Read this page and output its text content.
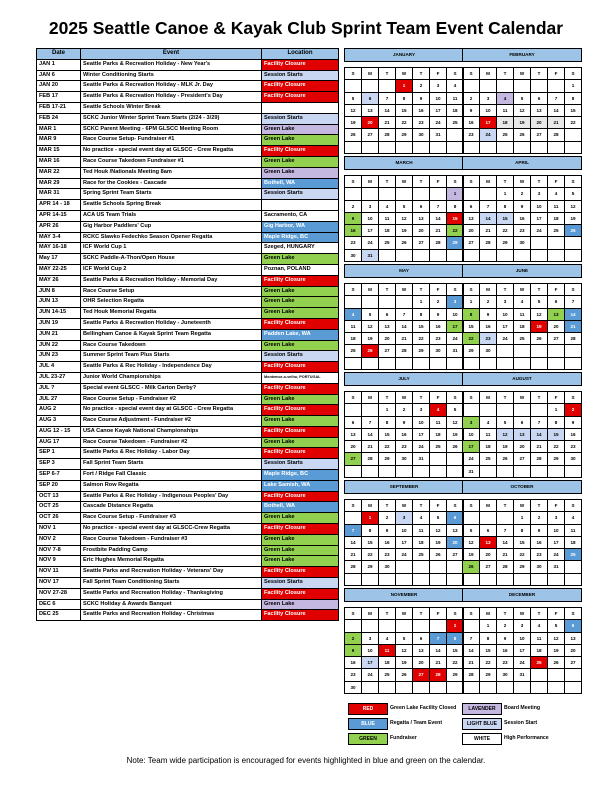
2025 Seattle Canoe & Kayak Club Sprint Team Event Calendar
Date	Event	Location
JAN 1	Seattle Parks & Recreation Holiday - New Year's	Facility Closure
JAN 6	Winter Conditioning Starts	Session Starts
JAN 20	Seattle Parks & Recreation Holiday - MLK Jr. Day	Facility Closure
FEB 17	Seattle Parks & Recreation Holiday - President's Day	Facility Closure
FEB 17-21	Seattle Schools Winter Break	
FEB 24	SCKC Junior Winter Sprint Team Starts (2/24 - 3/29)	Session Starts
MAR 1	SCKC Parent Meeting - 6PM GLSCC Meeting Room	Green Lake
MAR 9	Race Course Setup- Fundraiser #1	Green Lake
MAR 15	No practice - special event day at GLSCC - Crew Regatta	Facility Closure
MAR 16	Race Course Takedown Fundraiser #1	Green Lake
MAR 22	Ted Houk /Nationals Meeting 8am	Green Lake
MAR 29	Race for the Cookies - Cascade	Bothell, WA
MAR 31	Spring Sprint Team Starts	Session Starts
APR 14 - 18	Seattle Schools Spring Break	
APR 14-15	ACA US Team Trials	Sacramento, CA
APR 26	Gig Harbor Paddlers' Cup	Gig Harbor, WA
MAY 3-4	RCKC Slawko Fedechko Season Opener Regatta	Maple Ridge, BC
MAY 16-18	ICF World Cup 1	Szeged, HUNGARY
May 17	SCKC Paddle-A-Thon/Open House	Green Lake
MAY 22-25	ICF World Cup 2	Poznan, POLAND
MAY 26	Seattle Parks & Recreation Holiday - Memorial Day	Facility Closure
JUN 8	Race Course Setup	Green Lake
JUN 13	OHR Selection Regatta	Green Lake
JUN 14-15	Ted Houk Memorial Regatta	Green Lake
JUN 19	Seattle Parks & Recreation Holiday - Juneteenth	Facility Closure
JUN 21	Bellingham Canoe & Kayak Sprint Team Regatta	Padden Lake, WA
JUN 22	Race Course Takedown	Green Lake
JUN 23	Summer Sprint Team Plus Starts	Session Starts
JUL 4	Seattle Parks & Rec Holiday - Independence Day	Facility Closure
JUL 23-27	Junior World Championships	Montemor-o-velho, PORTUGAL
JUL ?	Special event GLSCC - Milk Carton Derby?	Facility Closure
JUL 27	Race Course Setup - Fundraiser #2	Green Lake
AUG 2	No practice - special event day at GLSCC - Crew Regatta	Facility Closure
AUG 3	Race Course Adjustment - Fundraiser #2	Green Lake
AUG 12 - 15	USA Canoe Kayak National Championships	Facility Closure
AUG 17	Race Course Takedown - Fundraiser #2	Green Lake
SEP 1	Seattle Parks & Rec Holiday - Labor Day	Facility Closure
SEP 3	Fall Sprint Team Starts	Session Starts
SEP 6-7	Fort / Ridge Fall Classic	Maple Ridge, BC
SEP 20	Salmon Row Regatta	Lake Samish, WA
OCT 13	Seattle Parks & Rec Holiday - Indigenous Peoples' Day	Facility Closure
OCT 25	Cascade Distance Regatta	Bothell, WA
OCT 26	Race Course Setup - Fundraiser #3	Green Lake
NOV 1	No practice - special event day at GLSCC-Crew Regatta	Facility Closure
NOV 2	Race Course Takedown - Fundraiser #3	Green Lake
NOV 7-8	Frostbite Padding Camp	Green Lake
NOV 9	Eric Hughes Memorial Regatta	Green Lake
NOV 11	Seattle Parks and Recreation Holiday - Veterans' Day	Facility Closure
NOV 17	Fall Sprint Team Conditioning Starts	Session Starts
NOV 27-28	Seattle Parks and Recreation Holiday - Thanksgiving	Facility Closure
DEC 6	SCKC Holiday & Awards Banquet	Green Lake
DEC 25	Seattle Parks and Recreation Holiday - Christmas	Facility Closure
JANUARY						

S	M	T	W	T	F	S
			1	2	3	4
5	6	7	8	9	10	11
12	13	14	15	16	17	18
19	20	21	22	23	24	25
26	27	28	29	30	31	

FEBRUARY						

S	M	T	W	T	F	S
						1
2	3	4	5	6	7	8
9	10	11	12	13	14	15
16	17	18	19	20	21	22
23	24	25	26	27	28	

MARCH						

S	M	T	W	T	F	S
						1
2	3	4	5	6	7	8
9	10	11	12	13	14	15
16	17	18	19	20	21	22
23	24	25	26	27	28	29
30	31					
APRIL						

S	M	T	W	T	F	S
		1	2	3	4	5
6	7	8	9	10	11	12
13	14	15	16	17	18	19
20	21	22	23	24	25	26
27	28	29	30			

MAY						

S	M	T	W	T	F	S
				1	2	3
4	5	6	7	8	9	10
11	12	13	14	15	16	17
18	19	20	21	22	23	24
25	26	27	28	29	30	31

JUNE						

S	M	T	W	T	F	S
1	2	3	4	5	6	7
8	9	10	11	12	13	14
15	16	17	18	19	20	21
22	23	24	25	26	27	28
29	30					

JULY						

S	M	T	W	T	F	S
		1	2	3	4	5
6	7	8	9	10	11	12
13	14	15	16	17	18	19
20	21	22	23	24	25	26
27	28	29	30	31		

AUGUST						

S	M	T	W	T	F	S
					1	2
3	4	5	6	7	8	9
10	11	12	13	14	15	16
17	18	19	20	21	22	23
24	25	26	27	28	29	30
31						
SEPTEMBER						

S	M	T	W	T	F	S
	1	2	3	4	5	6
7	8	9	10	11	12	13
14	15	16	17	18	19	20
21	22	23	24	25	26	27
28	29	30				

OCTOBER						

S	M	T	W	T	F	S
			1	2	3	4
5	6	7	8	9	10	11
12	13	14	15	16	17	18
19	20	21	22	23	24	25
26	27	28	29	30	31	

NOVEMBER						

S	M	T	W	T	F	S
						1
2	3	4	5	6	7	8
9	10	11	12	13	14	15
16	17	18	19	20	21	22
23	24	25	26	27	28	29
30						
DECEMBER						

S	M	T	W	T	F	S
	1	2	3	4	5	6
7	8	9	10	11	12	13
14	15	16	17	18	19	20
21	22	23	24	25	26	27
28	29	30	31			

RED	Green Lake Facility Closed
BLUE	Regatta / Team Event
GREEN	Fundraiser
LAVENDER	Board Meeting
LIGHT BLUE	Session Start
WHITE	High Performance
Note: Team wide participation is encouraged for events highlighted in blue and green on the calendar.
